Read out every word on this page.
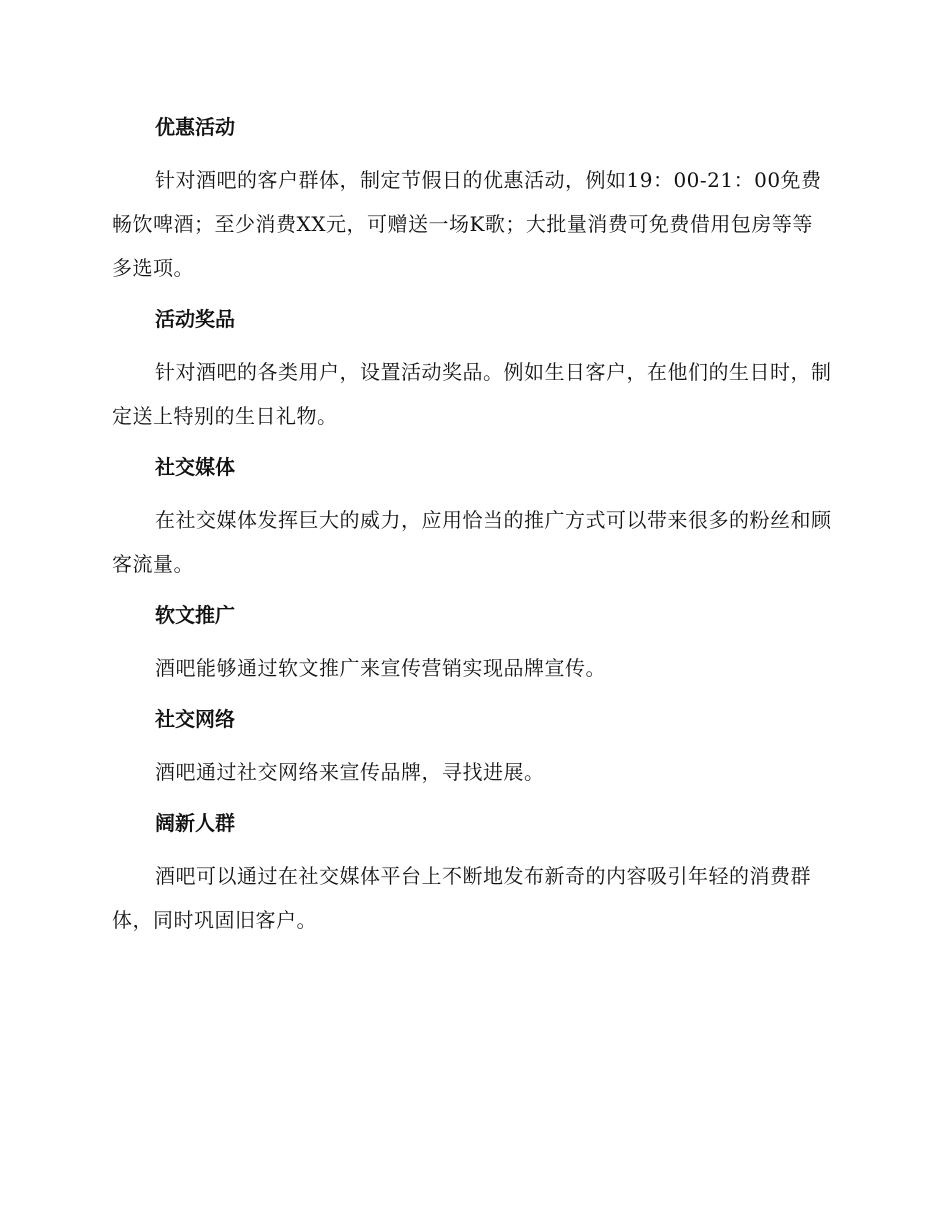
优惠活动

针对酒吧的客户群体，制定节假日的优惠活动，例如19：00-21：00免费畅饮啤酒；至少消费XX元，可赠送一场K歌；大批量消费可免费借用包房等等多选项。

活动奖品

针对酒吧的各类用户，设置活动奖品。例如生日客户，在他们的生日时，制定送上特别的生日礼物。

社交媒体

在社交媒体发挥巨大的威力，应用恰当的推广方式可以带来很多的粉丝和顾客流量。

软文推广

酒吧能够通过软文推广来宣传营销实现品牌宣传。

社交网络

酒吧通过社交网络来宣传品牌，寻找进展。

阔新人群

酒吧可以通过在社交媒体平台上不断地发布新奇的内容吸引年轻的消费群体，同时巩固旧客户。
